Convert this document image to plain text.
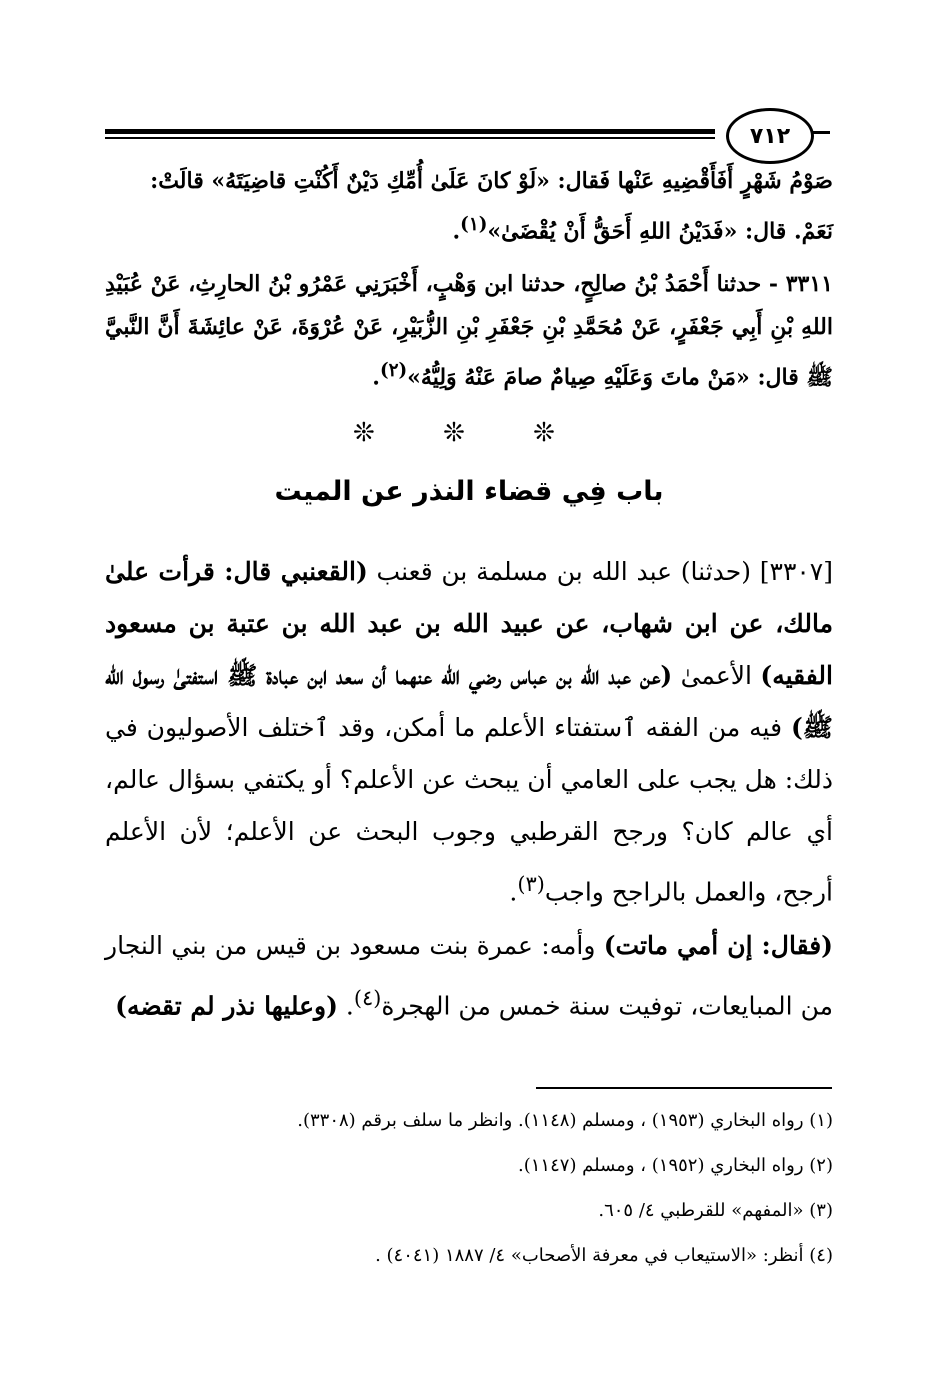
٧١٢

صَوْمُ شَهْرٍ أَفَأَقْضِيهِ عَنْها فَقال: «لَوْ كانَ عَلَىٰ أُمِّكِ دَيْنٌ أَكُنْتِ قاضِيَتَهُ» قالَتْ:
نَعَمْ. قال: «فَدَيْنُ اللهِ أَحَقُّ أَنْ يُقْضَىٰ»$^{(١)}$.

٣٣١١ - حدثنا أَحْمَدُ بْنُ صالِحٍ، حدثنا ابن وَهْبٍ، أَخْبَرَنِي عَمْرُو بْنُ الحارِثِ، عَنْ عُبَيْدِ اللهِ بْنِ أَبِي جَعْفَرٍ، عَنْ مُحَمَّدِ بْنِ جَعْفَرِ بْنِ الزُّبَيْرِ، عَنْ عُرْوَةَ، عَنْ عائِشَةَ أَنَّ النَّبيَّ ﷺ قال: «مَنْ ماتَ وَعَلَيْهِ صِيامٌ صامَ عَنْهُ وَلِيُّهُ»$^{(٢)}$.

❊ ❊ ❊
باب فِي قضاء النذر عن الميت

[٣٣٠٧] (حدثنا) عبد الله بن مسلمة بن قعنب (القعنبي قال: قرأت علىٰ مالك، عن ابن شهاب، عن عبيد الله بن عبد الله بن عتبة بن مسعود الفقيه) الأعمىٰ (عن عبد الله بن عباس رضي الله عنهما أن سعد ابن عبادة ﷺ استفتىٰ رسول الله ﷺ) فيه من الفقه ٱستفتاء الأعلم ما أمكن، وقد ٱختلف الأصوليون في ذلك: هل يجب على العامي أن يبحث عن الأعلم؟ أو يكتفي بسؤال عالم، أي عالم كان؟ ورجح القرطبي وجوب البحث عن الأعلم؛ لأن الأعلم أرجح، والعمل بالراجح واجب$^{(٣)}$.

(فقال: إن أمي ماتت) وأمه: عمرة بنت مسعود بن قيس من بني النجار من المبايعات، توفيت سنة خمس من الهجرة$^{(٤)}$. (وعليها نذر لم تقضه)

(١) رواه البخاري (١٩٥٣) ، ومسلم (١١٤٨). وانظر ما سلف برقم (٣٣٠٨).
(٢) رواه البخاري (١٩٥٢) ، ومسلم (١١٤٧).
(٣) «المفهم» للقرطبي ٤/ ٦٠٥.
(٤) أنظر: «الاستيعاب في معرفة الأصحاب» ٤/ ١٨٨٧ (٤٠٤١) .
